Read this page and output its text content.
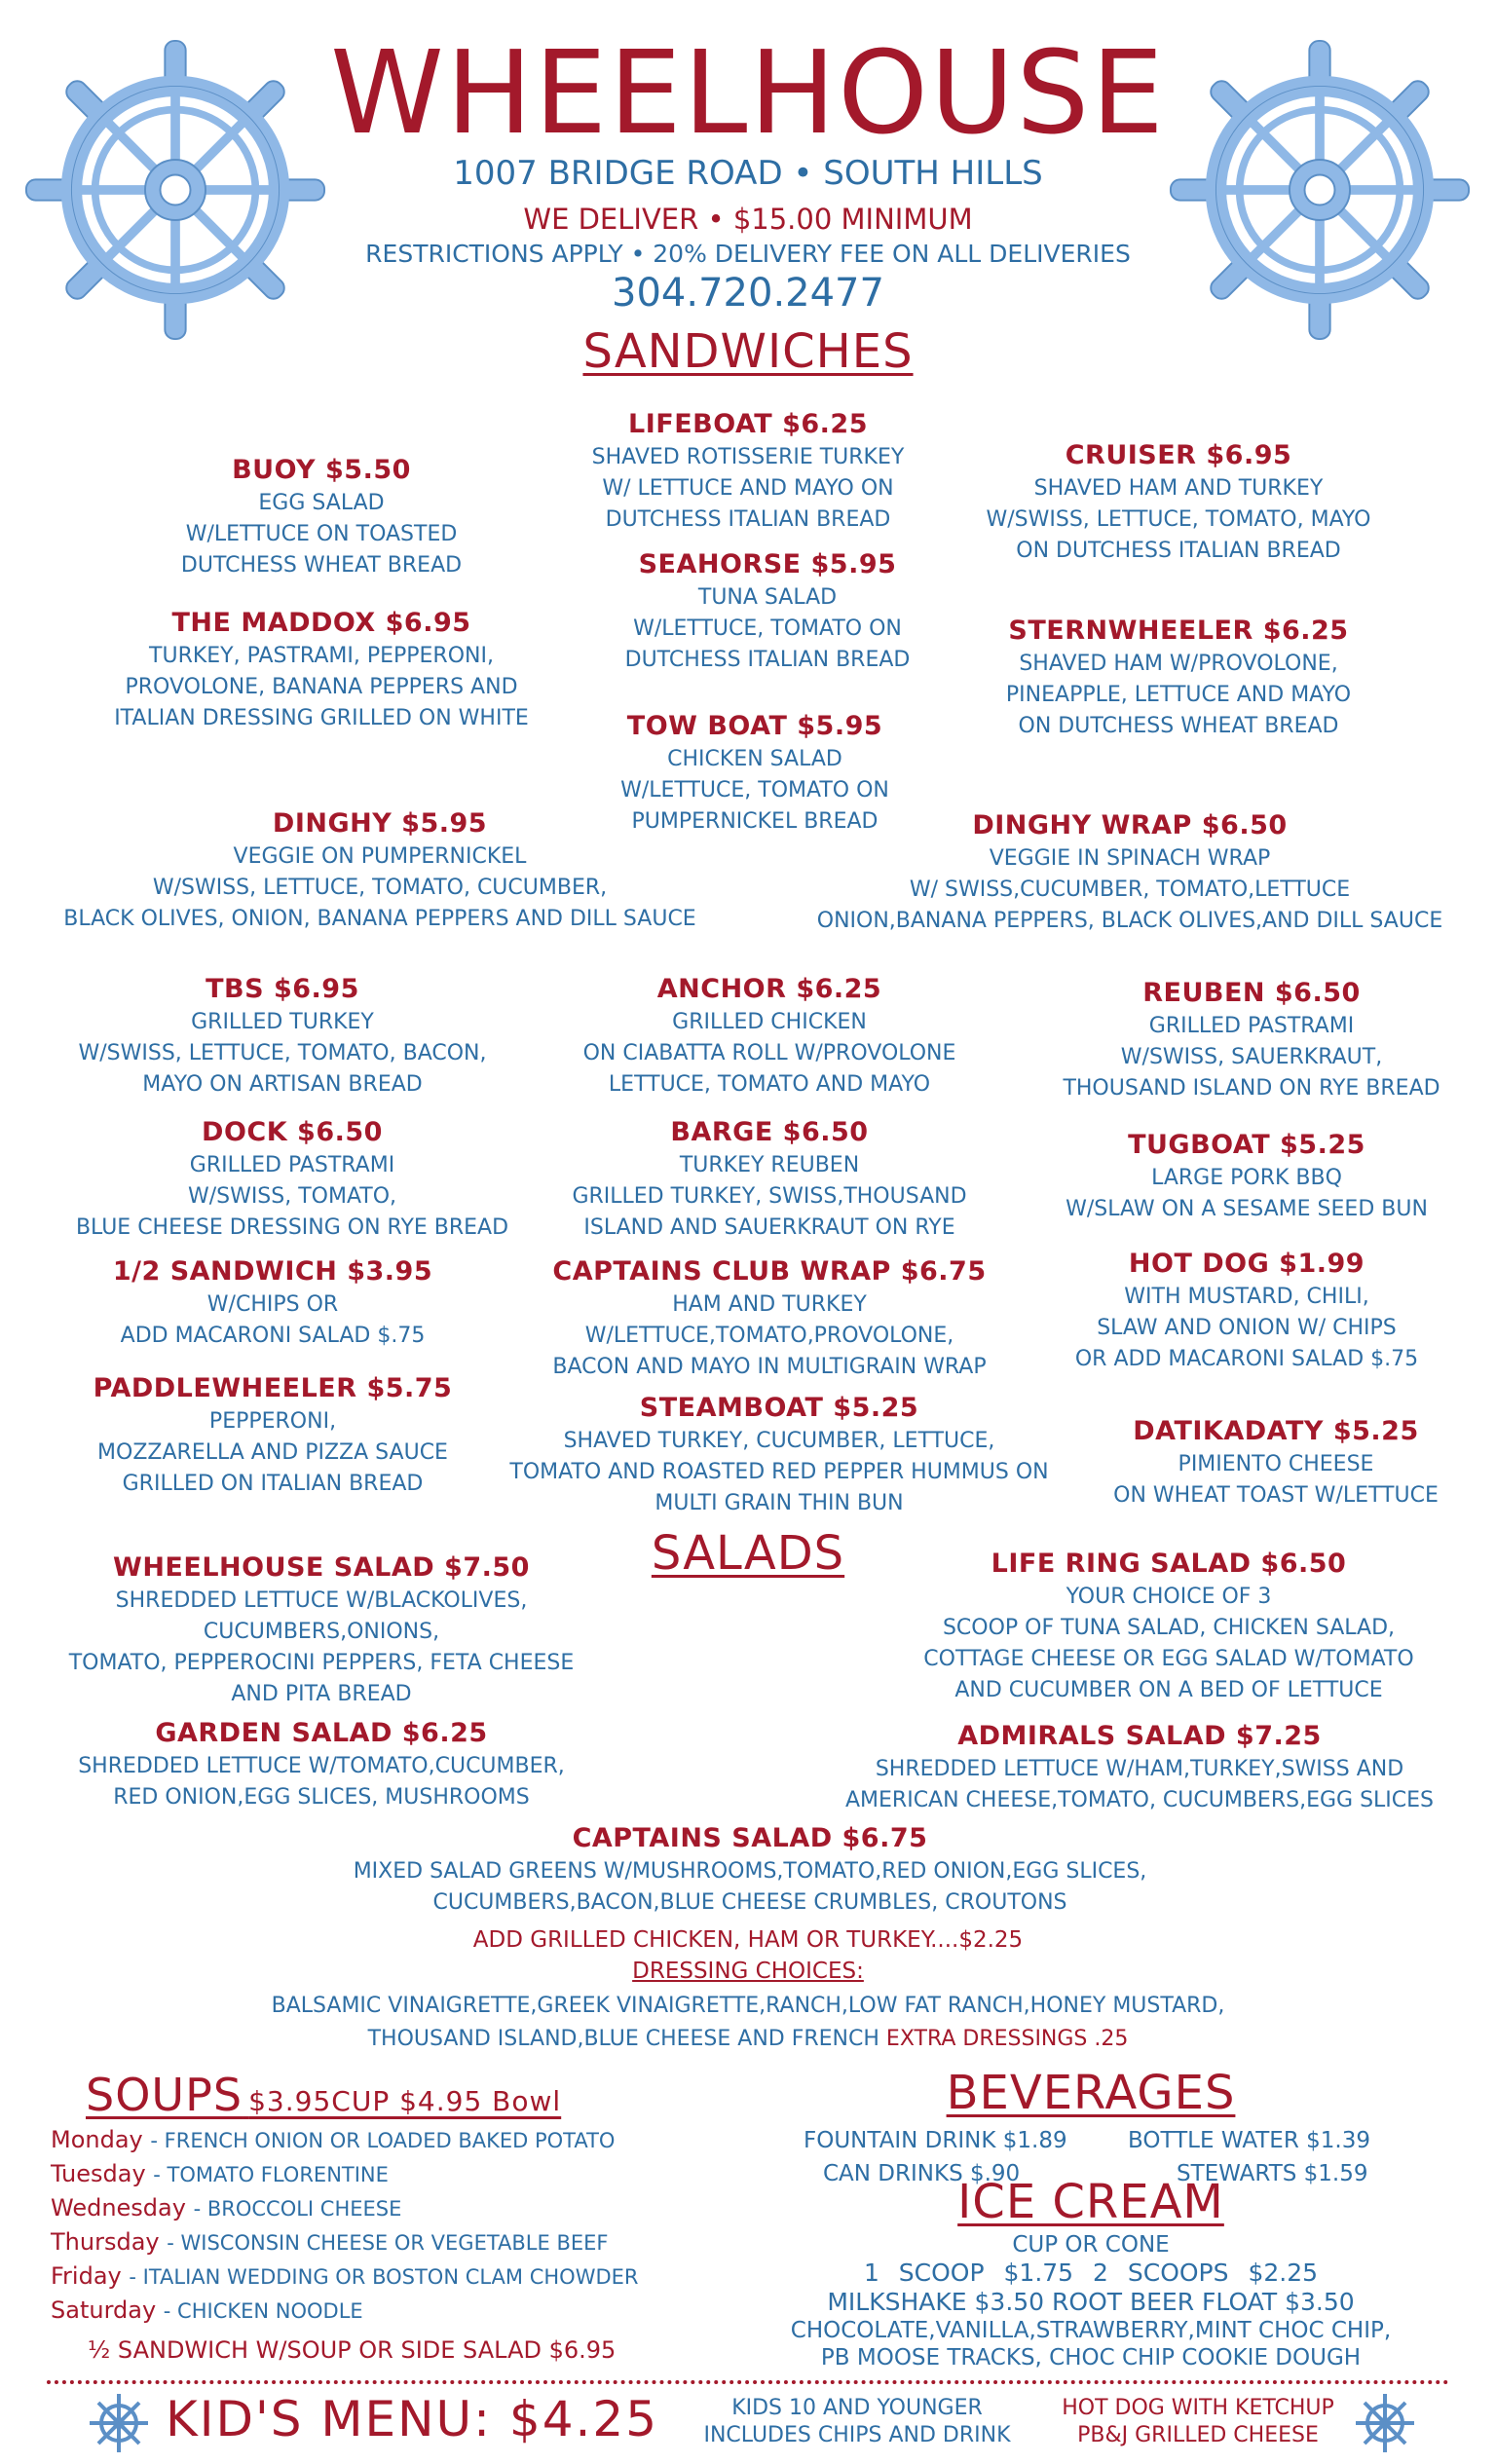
WHEELHOUSE
1007 BRIDGE ROAD • SOUTH HILLS
WE DELIVER • $15.00 MINIMUM
RESTRICTIONS APPLY • 20% DELIVERY FEE ON ALL DELIVERIES
304.720.2477
SANDWICHES
LIFEBOAT $6.25
SHAVED ROTISSERIE TURKEY
W/ LETTUCE AND MAYO ON
DUTCHESS ITALIAN BREAD
BUOY $5.50
EGG SALAD
W/LETTUCE ON TOASTED
DUTCHESS WHEAT BREAD
CRUISER $6.95
SHAVED HAM AND TURKEY
W/SWISS, LETTUCE, TOMATO, MAYO
ON DUTCHESS ITALIAN BREAD
SEAHORSE $5.95
TUNA SALAD
W/LETTUCE, TOMATO ON
DUTCHESS ITALIAN BREAD
THE MADDOX $6.95
TURKEY, PASTRAMI, PEPPERONI,
PROVOLONE, BANANA PEPPERS AND
ITALIAN DRESSING GRILLED ON WHITE
STERNWHEELER $6.25
SHAVED HAM W/PROVOLONE,
PINEAPPLE, LETTUCE AND MAYO
ON DUTCHESS WHEAT BREAD
TOW BOAT $5.95
CHICKEN SALAD
W/LETTUCE, TOMATO ON
PUMPERNICKEL BREAD
DINGHY $5.95
VEGGIE ON PUMPERNICKEL
W/SWISS, LETTUCE, TOMATO, CUCUMBER,
BLACK OLIVES, ONION, BANANA PEPPERS AND DILL SAUCE
DINGHY WRAP $6.50
VEGGIE IN SPINACH WRAP
W/ SWISS,CUCUMBER, TOMATO,LETTUCE
ONION,BANANA PEPPERS, BLACK OLIVES,AND DILL SAUCE
TBS $6.95
GRILLED TURKEY
W/SWISS, LETTUCE, TOMATO, BACON,
MAYO ON ARTISAN BREAD
ANCHOR $6.25
GRILLED CHICKEN
ON CIABATTA ROLL W/PROVOLONE
LETTUCE, TOMATO AND MAYO
REUBEN $6.50
GRILLED PASTRAMI
W/SWISS, SAUERKRAUT,
THOUSAND ISLAND ON RYE BREAD
DOCK $6.50
GRILLED PASTRAMI
W/SWISS, TOMATO,
BLUE CHEESE DRESSING ON RYE BREAD
BARGE $6.50
TURKEY REUBEN
GRILLED TURKEY, SWISS,THOUSAND
ISLAND AND SAUERKRAUT ON RYE
TUGBOAT $5.25
LARGE PORK BBQ
W/SLAW ON A SESAME SEED BUN
1/2 SANDWICH $3.95
W/CHIPS OR
ADD MACARONI SALAD $.75
CAPTAINS CLUB WRAP $6.75
HAM AND TURKEY
W/LETTUCE,TOMATO,PROVOLONE,
BACON AND MAYO IN MULTIGRAIN WRAP
HOT DOG $1.99
WITH MUSTARD, CHILI,
SLAW AND ONION W/ CHIPS
OR ADD MACARONI SALAD $.75
PADDLEWHEELER $5.75
PEPPERONI,
MOZZARELLA AND PIZZA SAUCE
GRILLED ON ITALIAN BREAD
STEAMBOAT $5.25
SHAVED TURKEY, CUCUMBER, LETTUCE,
TOMATO AND ROASTED RED PEPPER HUMMUS ON
MULTI GRAIN THIN BUN
DATIKADATY $5.25
PIMIENTO CHEESE
ON WHEAT TOAST W/LETTUCE
SALADS
WHEELHOUSE SALAD $7.50
SHREDDED LETTUCE W/BLACKOLIVES,
CUCUMBERS,ONIONS,
TOMATO, PEPPEROCINI PEPPERS, FETA CHEESE
AND PITA BREAD
LIFE RING SALAD $6.50
YOUR CHOICE OF 3
SCOOP OF TUNA SALAD, CHICKEN SALAD,
COTTAGE CHEESE OR EGG SALAD W/TOMATO
AND CUCUMBER ON A BED OF LETTUCE
GARDEN SALAD $6.25
SHREDDED LETTUCE W/TOMATO,CUCUMBER,
RED ONION,EGG SLICES, MUSHROOMS
ADMIRALS SALAD $7.25
SHREDDED LETTUCE W/HAM,TURKEY,SWISS AND
AMERICAN CHEESE,TOMATO, CUCUMBERS,EGG SLICES
CAPTAINS SALAD $6.75
MIXED SALAD GREENS W/MUSHROOMS,TOMATO,RED ONION,EGG SLICES,
CUCUMBERS,BACON,BLUE CHEESE CRUMBLES, CROUTONS
ADD GRILLED CHICKEN, HAM OR TURKEY....$2.25
DRESSING CHOICES:
BALSAMIC VINAIGRETTE,GREEK VINAIGRETTE,RANCH,LOW FAT RANCH,HONEY MUSTARD,
THOUSAND ISLAND,BLUE CHEESE AND FRENCH EXTRA DRESSINGS .25
SOUPS $3.95CUP $4.95 Bowl
Monday - FRENCH ONION OR LOADED BAKED POTATO
Tuesday - TOMATO FLORENTINE
Wednesday - BROCCOLI CHEESE
Thursday - WISCONSIN CHEESE OR VEGETABLE BEEF
Friday - ITALIAN WEDDING OR BOSTON CLAM CHOWDER
Saturday - CHICKEN NOODLE
½ SANDWICH W/SOUP OR SIDE SALAD $6.95
BEVERAGES
FOUNTAIN DRINK $1.89	BOTTLE WATER $1.39
CAN DRINKS $.90	STEWARTS $1.59
ICE CREAM
CUP OR CONE
1 SCOOP $1.75 2 SCOOPS $2.25
MILKSHAKE $3.50 ROOT BEER FLOAT $3.50
CHOCOLATE,VANILLA,STRAWBERRY,MINT CHOC CHIP,
PB MOOSE TRACKS, CHOC CHIP COOKIE DOUGH
KID'S MENU: $4.25	KIDS 10 AND YOUNGER
INCLUDES CHIPS AND DRINK
HOT DOG WITH KETCHUP
PB&J GRILLED CHEESE
